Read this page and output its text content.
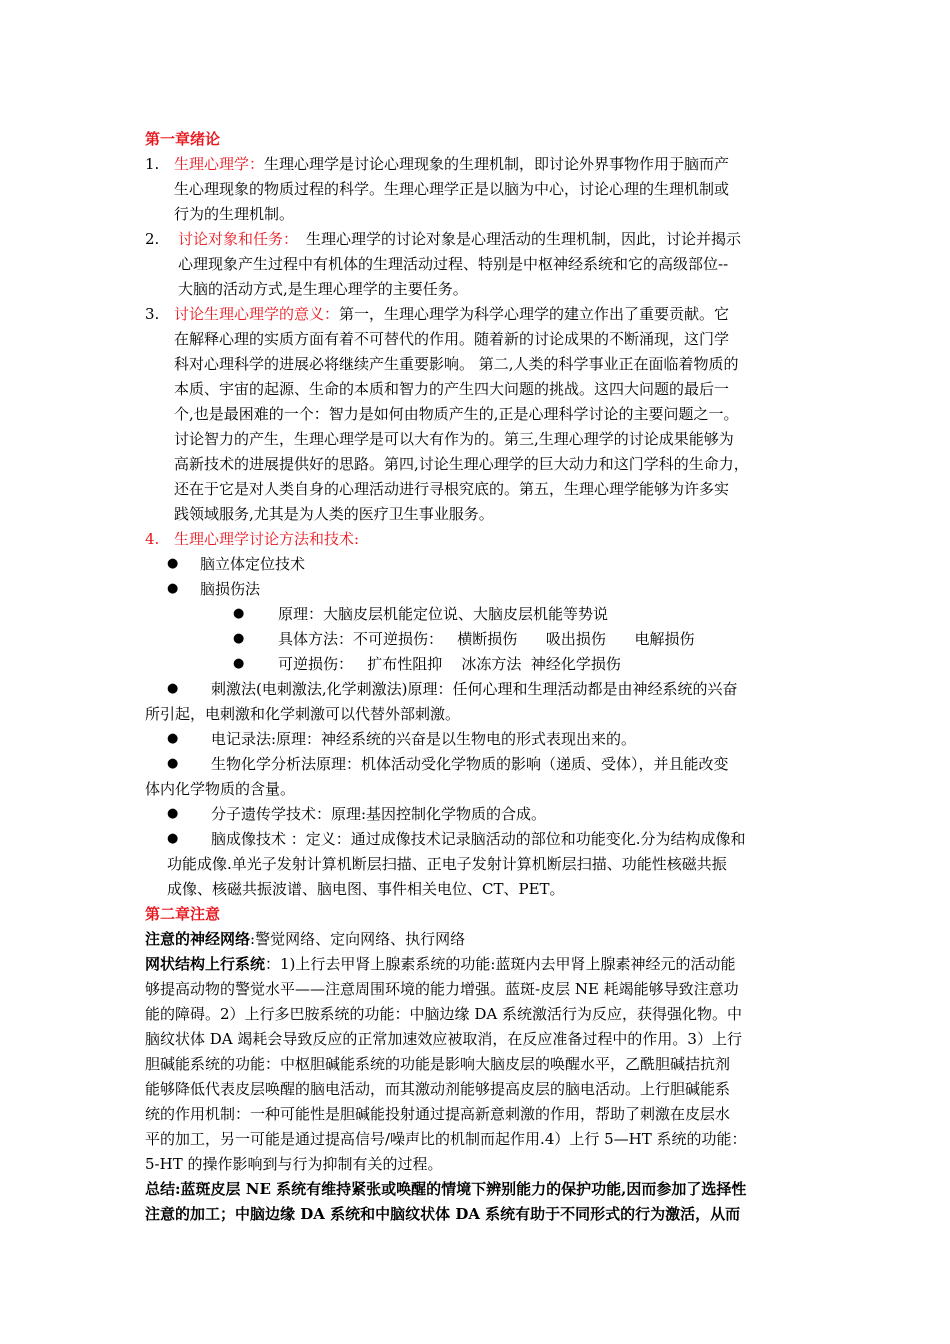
第一章绪论
1. 生理心理学：生理心理学是讨论心理现象的生理机制，即讨论外界事物作用于脑而产
生心理现象的物质过程的科学。生理心理学正是以脑为中心，讨论心理的生理机制或
行为的生理机制。
2. 讨论对象和任务： 生理心理学的讨论对象是心理活动的生理机制，因此，讨论并揭示
心理现象产生过程中有机体的生理活动过程、特别是中枢神经系统和它的高级部位--
大脑的活动方式,是生理心理学的主要任务。
3. 讨论生理心理学的意义：第一，生理心理学为科学心理学的建立作出了重要贡献。它
在解释心理的实质方面有着不可替代的作用。随着新的讨论成果的不断涌现，这门学
科对心理科学的进展必将继续产生重要影响。 第二,人类的科学事业正在面临着物质的
本质、宇宙的起源、生命的本质和智力的产生四大问题的挑战。这四大问题的最后一
个,也是最困难的一个：智力是如何由物质产生的,正是心理科学讨论的主要问题之一。
讨论智力的产生，生理心理学是可以大有作为的。第三,生理心理学的讨论成果能够为
高新技术的进展提供好的思路。第四,讨论生理心理学的巨大动力和这门学科的生命力，
还在于它是对人类自身的心理活动进行寻根究底的。第五，生理心理学能够为许多实
践领域服务,尤其是为人类的医疗卫生事业服务。
4. 生理心理学讨论方法和技术:
● 脑立体定位技术
● 脑损伤法
● 原理：大脑皮层机能定位说、大脑皮层机能等势说
● 具体方法：不可逆损伤：   横断损伤      吸出损伤      电解损伤
● 可逆损伤：   扩布性阻抑    冰冻方法  神经化学损伤
● 刺激法(电刺激法,化学刺激法)原理：任何心理和生理活动都是由神经系统的兴奋
所引起，电刺激和化学刺激可以代替外部刺激。
● 电记录法:原理：神经系统的兴奋是以生物电的形式表现出来的。
● 生物化学分析法原理：机体活动受化学物质的影响（递质、受体），并且能改变
体内化学物质的含量。
● 分子遗传学技术：原理:基因控制化学物质的合成。
● 脑成像技术 ：定义：通过成像技术记录脑活动的部位和功能变化.分为结构成像和
功能成像.单光子发射计算机断层扫描、正电子发射计算机断层扫描、功能性核磁共振
成像、核磁共振波谱、脑电图、事件相关电位、CT、PET。
第二章注意
注意的神经网络:警觉网络、定向网络、执行网络
网状结构上行系统：1)上行去甲肾上腺素系统的功能:蓝斑内去甲肾上腺素神经元的活动能
够提高动物的警觉水平——注意周围环境的能力增强。蓝斑-皮层 NE 耗竭能够导致注意功
能的障碍。2）上行多巴胺系统的功能：中脑边缘 DA 系统激活行为反应，获得强化物。中
脑纹状体 DA 竭耗会导致反应的正常加速效应被取消，在反应准备过程中的作用。3）上行
胆碱能系统的功能：中枢胆碱能系统的功能是影响大脑皮层的唤醒水平，乙酰胆碱拮抗剂
能够降低代表皮层唤醒的脑电活动，而其激动剂能够提高皮层的脑电活动。上行胆碱能系
统的作用机制：一种可能性是胆碱能投射通过提高新意刺激的作用，帮助了刺激在皮层水
平的加工，另一可能是通过提高信号/噪声比的机制而起作用.4）上行 5—HT 系统的功能：
5-HT 的操作影响到与行为抑制有关的过程。
总结:蓝斑皮层 NE 系统有维持紧张或唤醒的情境下辨别能力的保护功能,因而参加了选择性
注意的加工；中脑边缘 DA 系统和中脑纹状体 DA 系统有助于不同形式的行为激活，从而
